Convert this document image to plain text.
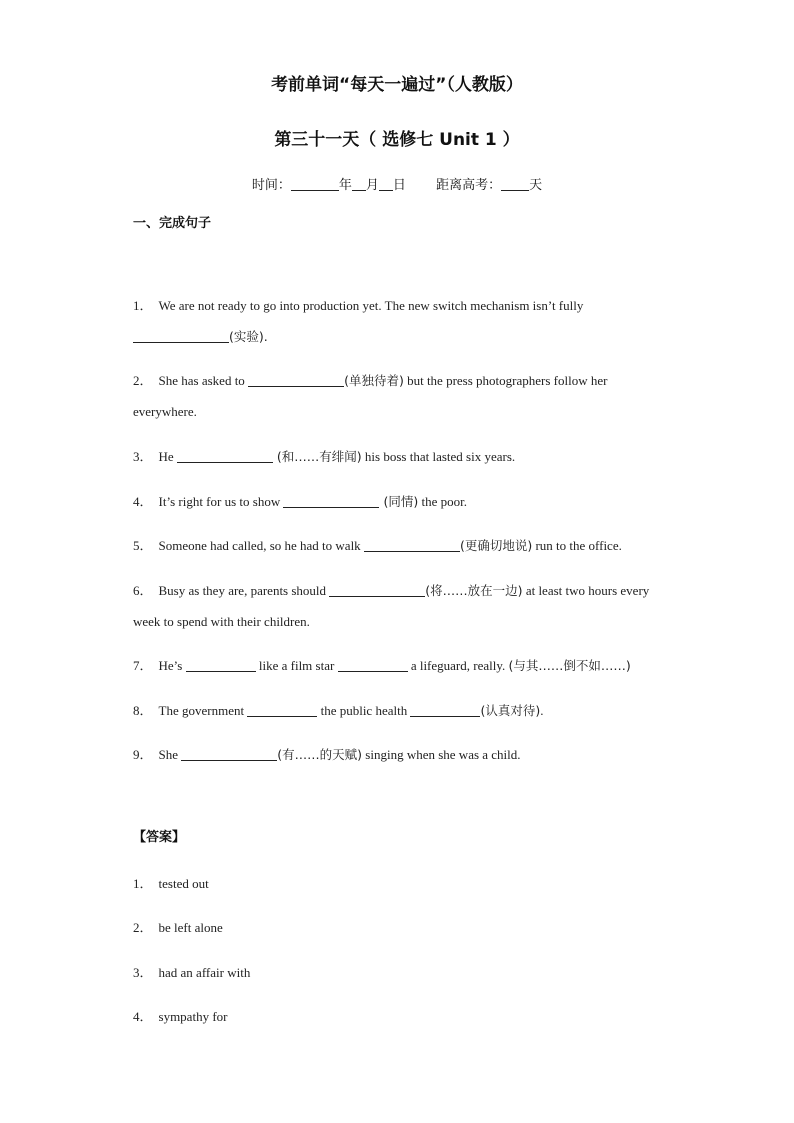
考前单词“每天一遍过”（人教版）
第三十一天（ 选修七 Unit 1 ）
时间：	年 月 日 距离高考： 天
一、完成句子
1． We are not ready to go into production yet. The new switch mechanism isn’t fully
(实验).
2． She has asked to	(单独待着) but the press photographers follow her everywhere.
3． He	(和……有绯闻) his boss that lasted six years.
4． It’s right for us to show	(同情) the poor.
5． Someone had called, so he had to walk	(更确切地说) run to the office.
6． Busy as they are, parents should	(将……放在一边) at least two hours every week to spend with their children.
7． He’s	like a film star	a lifeguard, really. (与其……倒不如……)
8． The government	the public health	(认真对待).
9． She	(有……的天赋) singing when she was a child.
【答案】
1． tested out
2． be left alone
3． had an affair with
4． sympathy for
